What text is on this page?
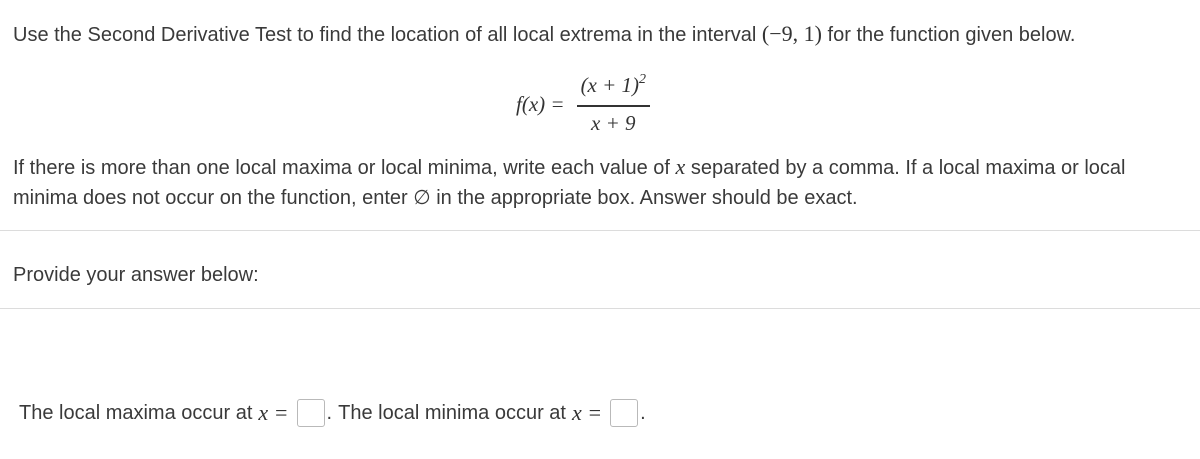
Use the Second Derivative Test to find the location of all local extrema in the interval (−9, 1) for the function given below.
$f(x) = \frac{(x + 1)^2}{x + 9}$
If there is more than one local maxima or local minima, write each value of x separated by a comma. If a local maxima or local minima does not occur on the function, enter ∅ in the appropriate box. Answer should be exact.
Provide your answer below:
The local maxima occur at x = . The local minima occur at x = .
